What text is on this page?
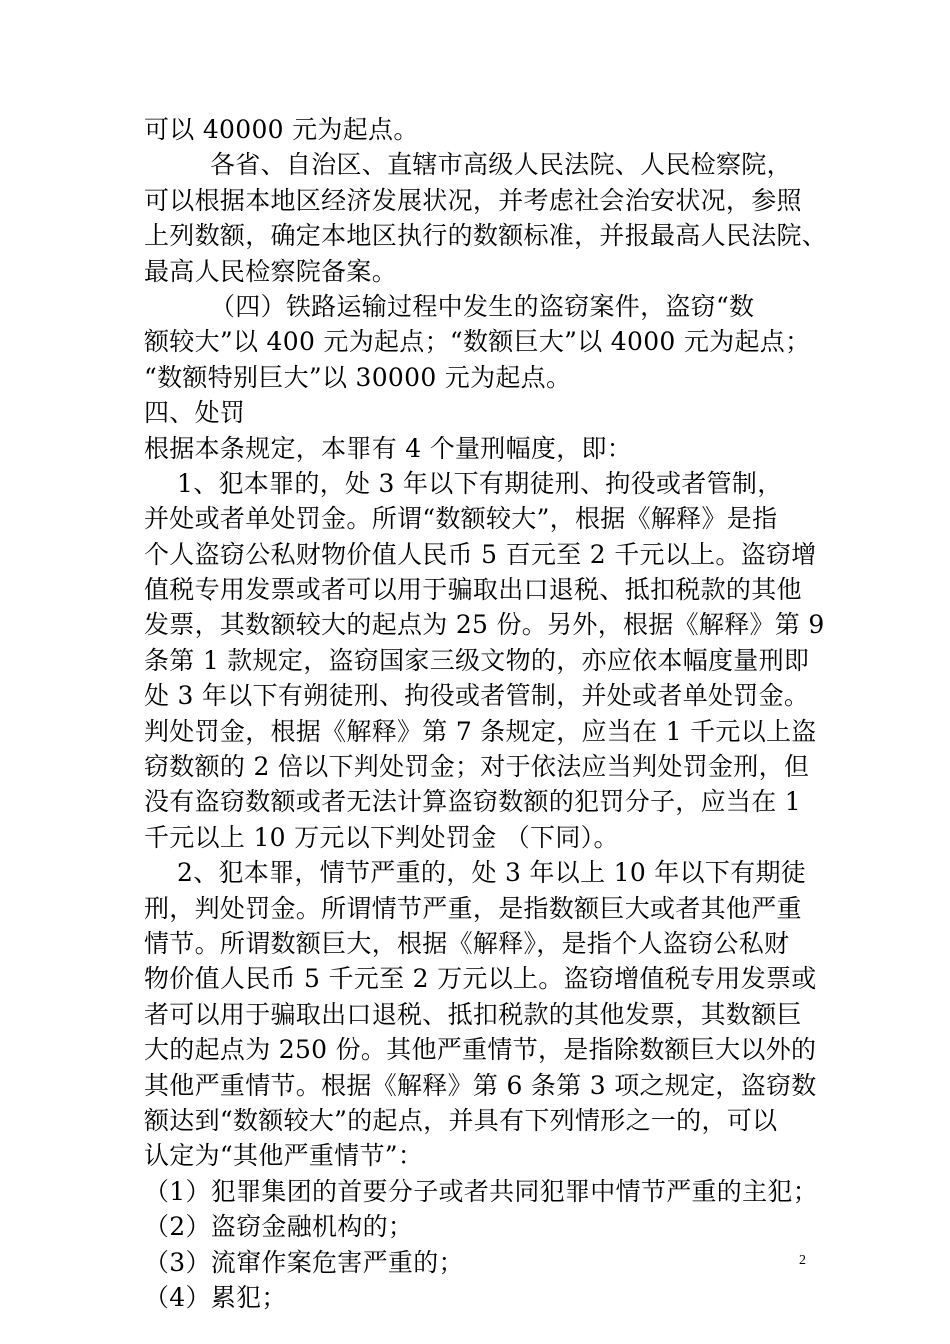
可以 40000 元为起点。
各省、自治区、直辖市高级人民法院、人民检察院，
可以根据本地区经济发展状况，并考虑社会治安状况，参照
上列数额，确定本地区执行的数额标准，并报最高人民法院、
最高人民检察院备案。
（四）铁路运输过程中发生的盗窃案件，盗窃“数
额较大”以 400 元为起点；“数额巨大”以 4000 元为起点；
“数额特别巨大”以 30000 元为起点。
四、处罚
根据本条规定，本罪有 4 个量刑幅度，即：
1、犯本罪的，处 3 年以下有期徒刑、拘役或者管制，
并处或者单处罚金。所谓“数额较大”，根据《解释》是指
个人盗窃公私财物价值人民币 5 百元至 2 千元以上。盗窃增
值税专用发票或者可以用于骗取出口退税、抵扣税款的其他
发票，其数额较大的起点为 25 份。另外，根据《解释》第 9
条第 1 款规定，盗窃国家三级文物的，亦应依本幅度量刑即
处 3 年以下有朔徒刑、拘役或者管制，并处或者单处罚金。
判处罚金，根据《解释》第 7 条规定，应当在 1 千元以上盗
窃数额的 2 倍以下判处罚金；对于依法应当判处罚金刑，但
没有盗窃数额或者无法计算盗窃数额的犯罚分子，应当在 1
千元以上 10 万元以下判处罚金 （下同）。
2、犯本罪，情节严重的，处 3 年以上 10 年以下有期徒
刑，判处罚金。所谓情节严重，是指数额巨大或者其他严重
情节。所谓数额巨大，根据《解释》，是指个人盗窃公私财
物价值人民币 5 千元至 2 万元以上。盗窃增值税专用发票或
者可以用于骗取出口退税、抵扣税款的其他发票，其数额巨
大的起点为 250 份。其他严重情节，是指除数额巨大以外的
其他严重情节。根据《解释》第 6 条第 3 项之规定，盗窃数
额达到“数额较大”的起点，并具有下列情形之一的，可以
认定为“其他严重情节”：
（1）犯罪集团的首要分子或者共同犯罪中情节严重的主犯；
（2）盗窃金融机构的；
（3）流窜作案危害严重的；
（4）累犯；
2
